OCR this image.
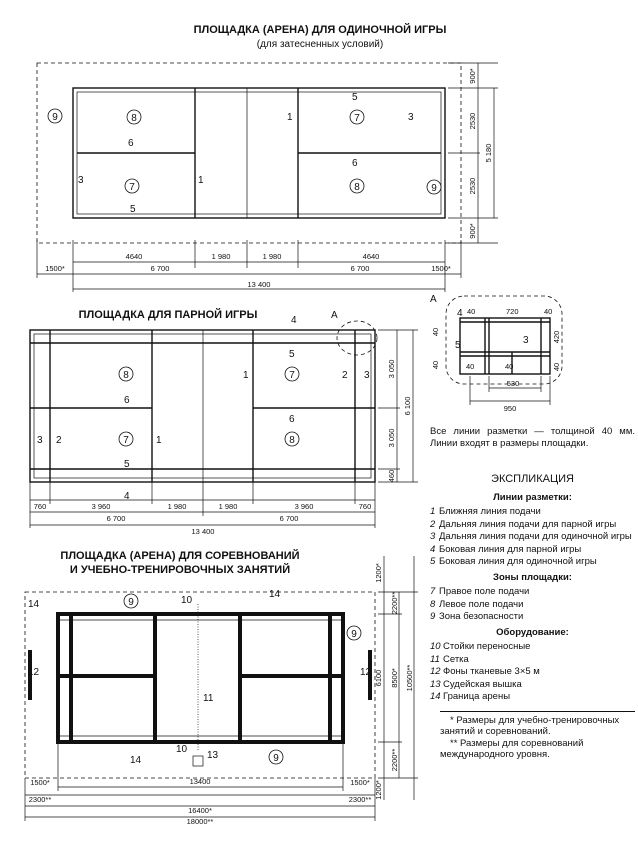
ПЛОЩАДКА (АРЕНА) ДЛЯ ОДИНОЧНОЙ ИГРЫ
(для затесненных условий)
9
9
8	7
7	8
5
1	3
6
6
3	1
5
4640	1 980	1 980	4640
1500*	6 700	6 700	1500*
13 400
900*
2530
2530
900*
5 180
ПЛОЩАДКА ДЛЯ ПАРНОЙ ИГРЫ	А
8	7
7	8
4
5
1	2 3
6
6
3 2	1
5
4
760	3 960	1 980	1 980	3 960	760
6 700	6 700
13 400
3 050
3 050
460
6 100
А
40	720	40
420
40
40	40	40	40
530
950
4
5	3
Все линии разметки — толщиной 40 мм. Линии входят в размеры площадки.
ПЛОЩАДКА (АРЕНА) ДЛЯ СОРЕВНОВАНИЙ
И УЧЕБНО-ТРЕНИРОВОЧНЫХ ЗАНЯТИЙ
9
9
9
14
14
14
10
10
11
13
12	12
13400
1500*	1500*
2300**	2300**
16400*
18000**
1200*
2200**
6100
2200**
1200*
8500* 10500**
ЭКСПЛИКАЦИЯ
Линии разметки:
1 Ближняя линия подачи
2 Дальняя линия подачи для парной игры
3 Дальняя линия подачи для одиночной игры
4 Боковая линия для парной игры
5 Боковая линия для одиночной игры
Зоны площадки:
7 Правое поле подачи
8 Левое поле подачи
9 Зона безопасности
Оборудование:
10 Стойки переносные
11 Сетка
12 Фоны тканевые 3×5 м
13 Судейская вышка
14 Граница арены
* Размеры для учебно-тренировочных занятий и соревнований.
** Размеры для соревнований международного уровня.
